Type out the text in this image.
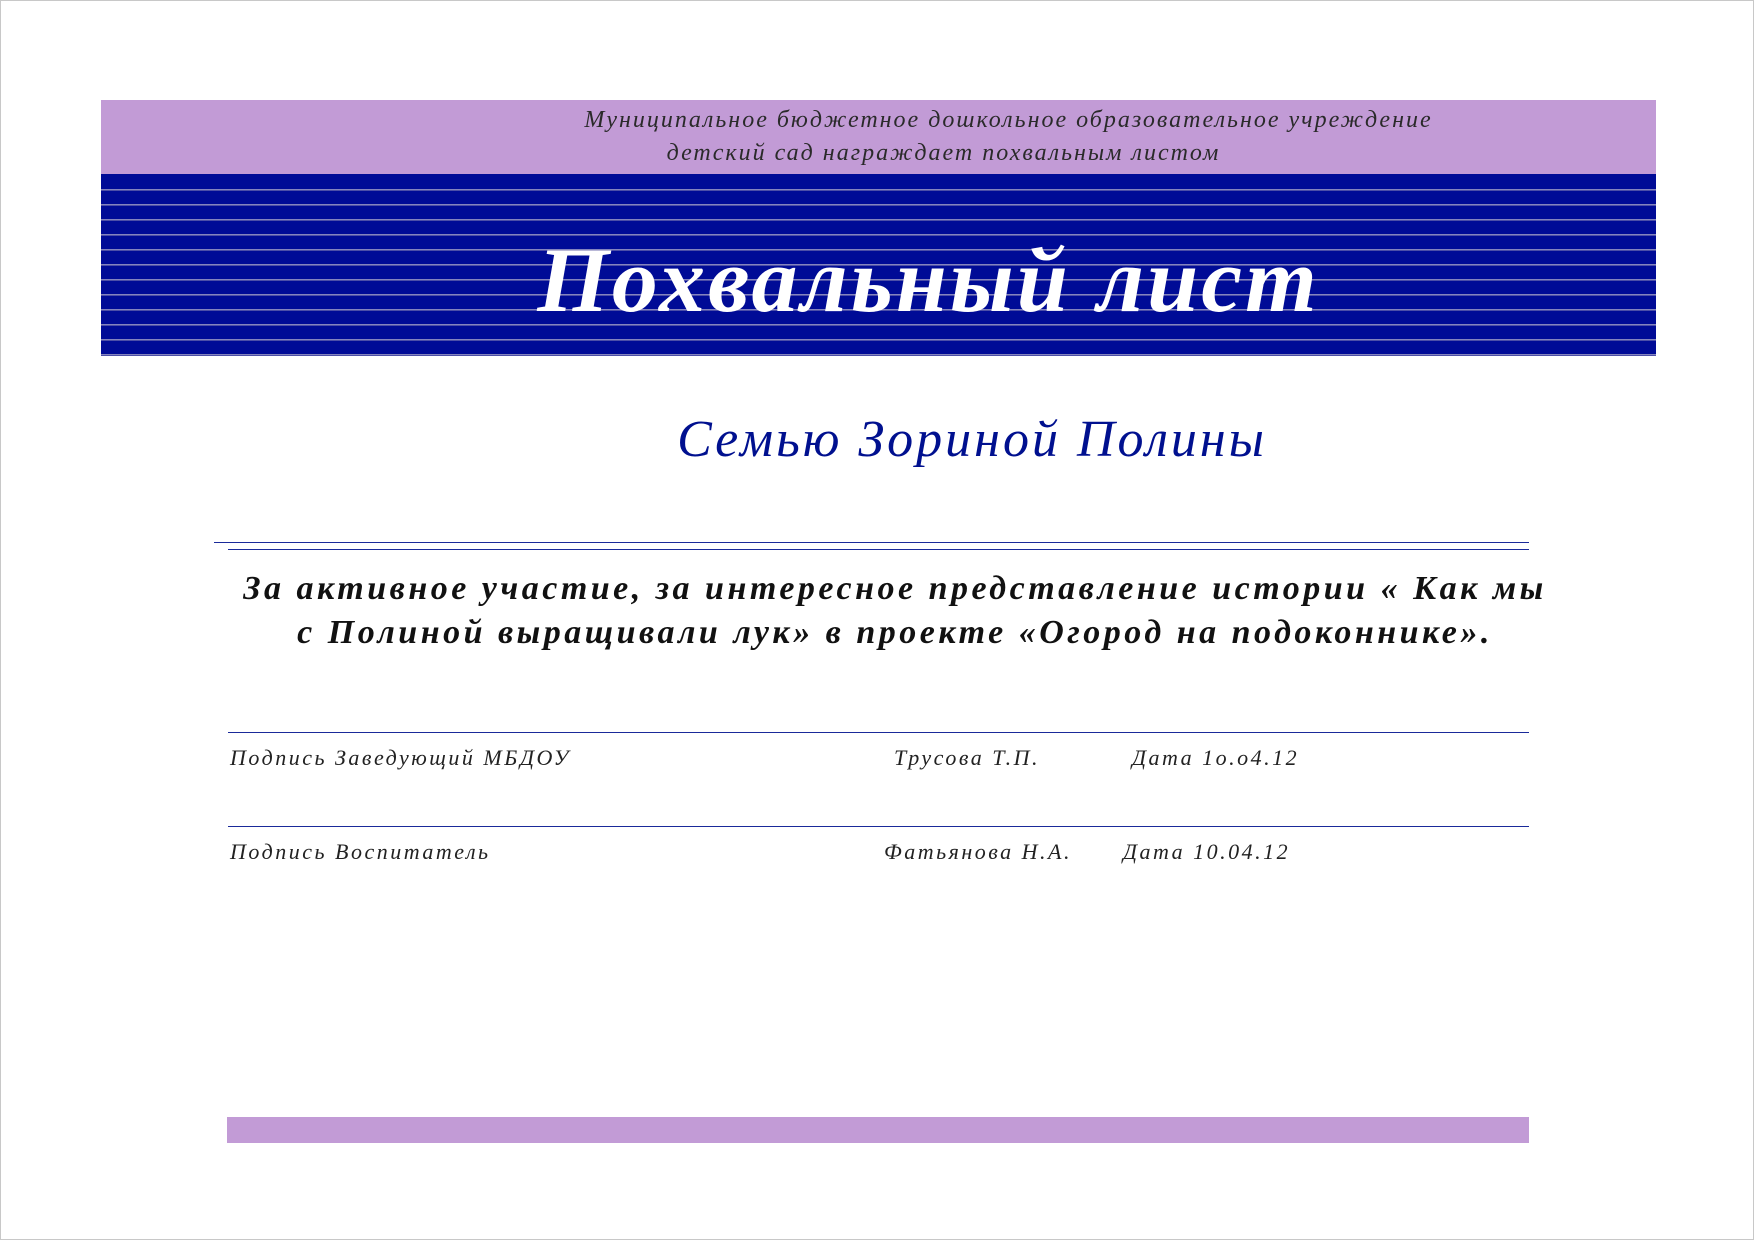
Муниципальное бюджетное дошкольное образовательное учреждение
детский сад награждает похвальным листом
Похвальный лист
Семью Зориной Полины
За активное участие, за интересное представление истории « Как мы с Полиной выращивали лук» в проекте «Огород на подоконнике».
Подпись Заведующий МБДОУ	Трусова Т.П.	Дата 1о.о4.12
Подпись Воспитатель	Фатьянова Н.А. Дата 10.04.12
